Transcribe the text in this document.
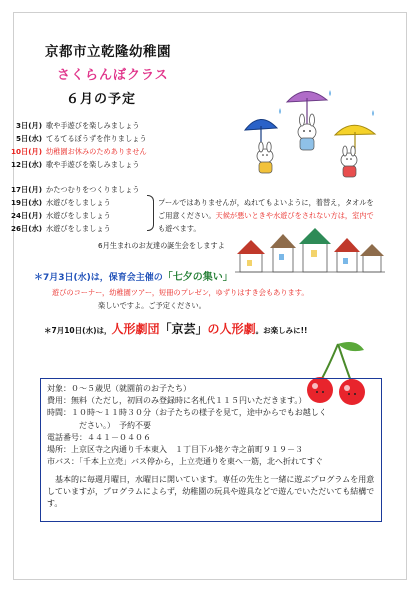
京都市立乾隆幼稚園
さくらんぼクラス
６月の予定
3日(月) 歌や手遊びを楽しみましょう
5日(水) てるてるぼうずを作りましょう
10日(月) 幼稚園お休みのためありません
12日(水) 歌や手遊びを楽しみましょう
17日(月) かたつむりをつくりましょう
19日(水) 水遊びをしましょう
24日(月) 水遊びをしましょう
26日(水) 水遊びをしましょう
プールではありませんが，ぬれてもよいように，着替え，タオルを
ご用意ください。天候が悪いときや水遊びをされない方は，室内で
も遊べます。
6月生まれのお友達の誕生会をしますよ
＊7月3日(水)は，保育会主催の「七夕の集い」
遊びのコーナー，幼稚園ツアー，短冊のプレゼン，ゆずりはすき会もあります。
楽しいですよ。ご予定ください。
＊7月10日(水)は，人形劇団「京芸」の人形劇。お楽しみに!!
対象：０～５歳児（就園前のお子たち）
費用：無料（ただし，初回のみ登録時に名札代１１５円いただきます。）
時間：１０時～１１時３０分（お子たちの様子を見て，途中からでもお越しく
ださい。）　予約不要
電話番号：４４１－０４０６
場所：上京区寺之内通り千本東入　１丁目下ル姥ケ寺之前町９１９－３
市バス：「千本上立売」バス停から，上立売通りを東へ一筋，北へ折れてすぐ
基本的に毎週月曜日，水曜日に開いています。専任の先生と一緒に遊ぶプログラムを用意していますが，プログラムによらず，幼稚園の玩具や遊具などで遊んでいただいても結構です。
